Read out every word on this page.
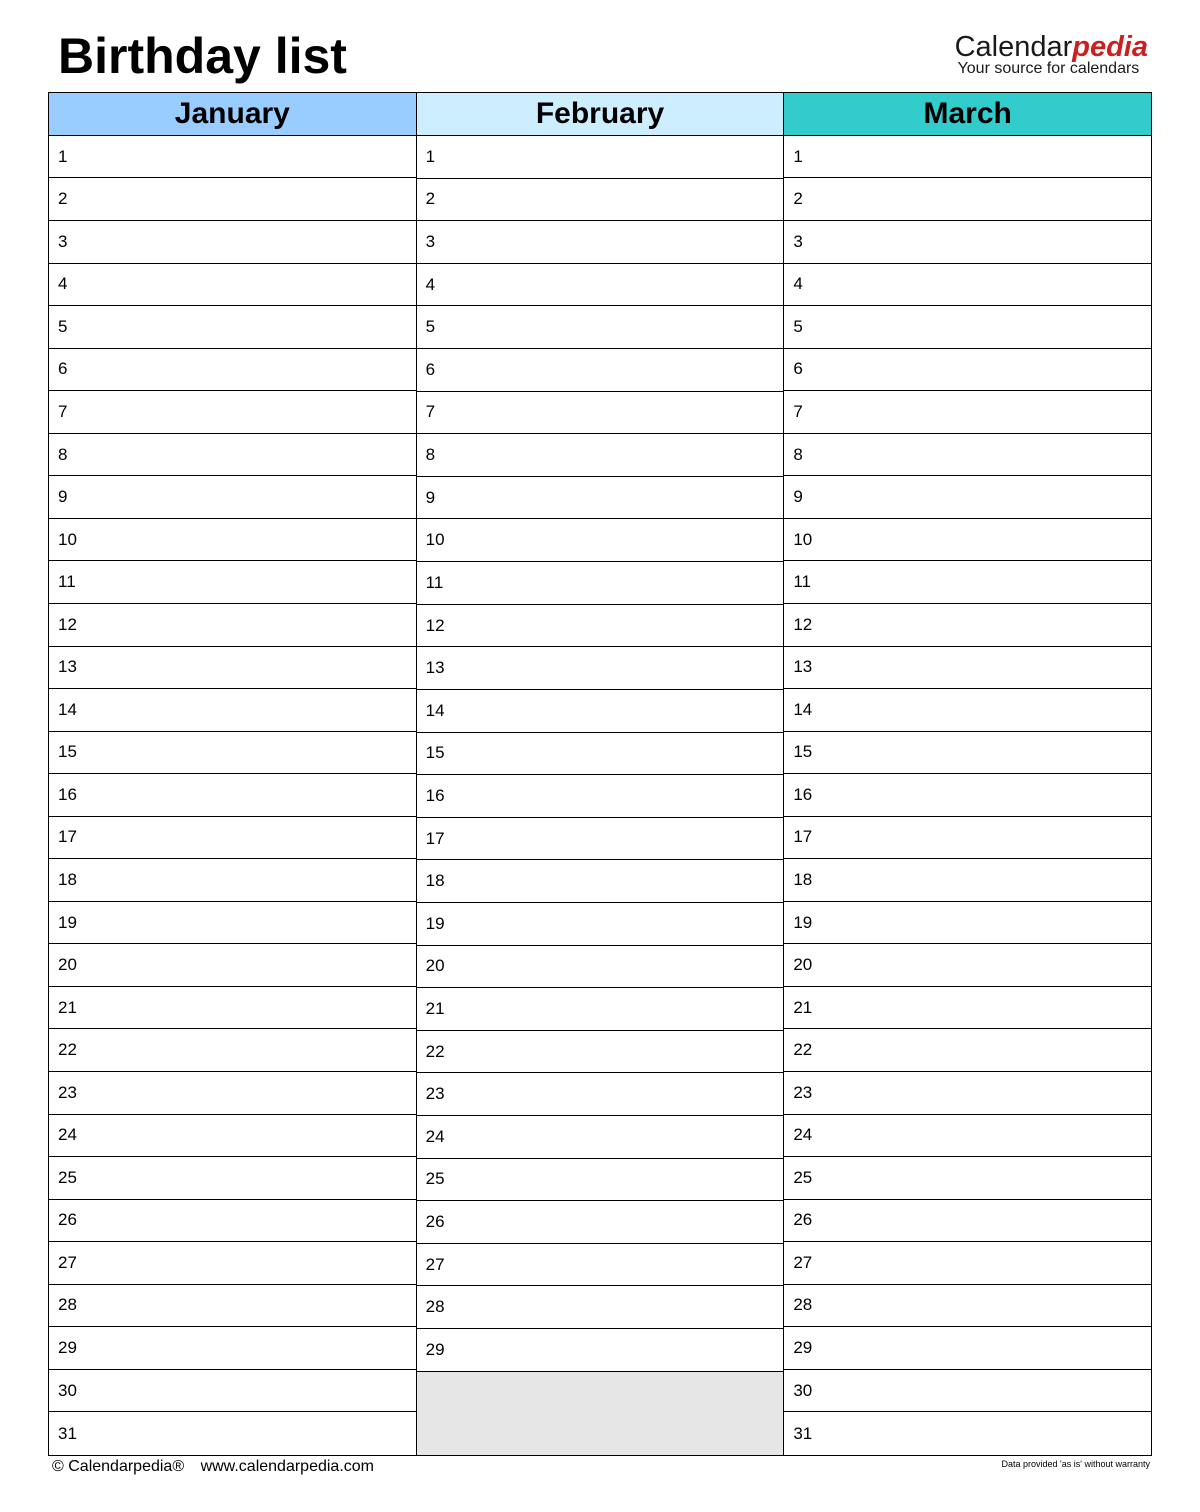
Birthday list	Calendarpedia
Your source for calendars
January
1
2
3
4
5
6
7
8
9
10
11
12
13
14
15
16
17
18
19
20
21
22
23
24
25
26
27
28
29
30
31
February
1
2
3
4
5
6
7
8
9
10
11
12
13
14
15
16
17
18
19
20
21
22
23
24
25
26
27
28
29
March
1
2
3
4
5
6
7
8
9
10
11
12
13
14
15
16
17
18
19
20
21
22
23
24
25
26
27
28
29
30
31
© Calendarpedia® www.calendarpedia.com	Data provided 'as is' without warranty
